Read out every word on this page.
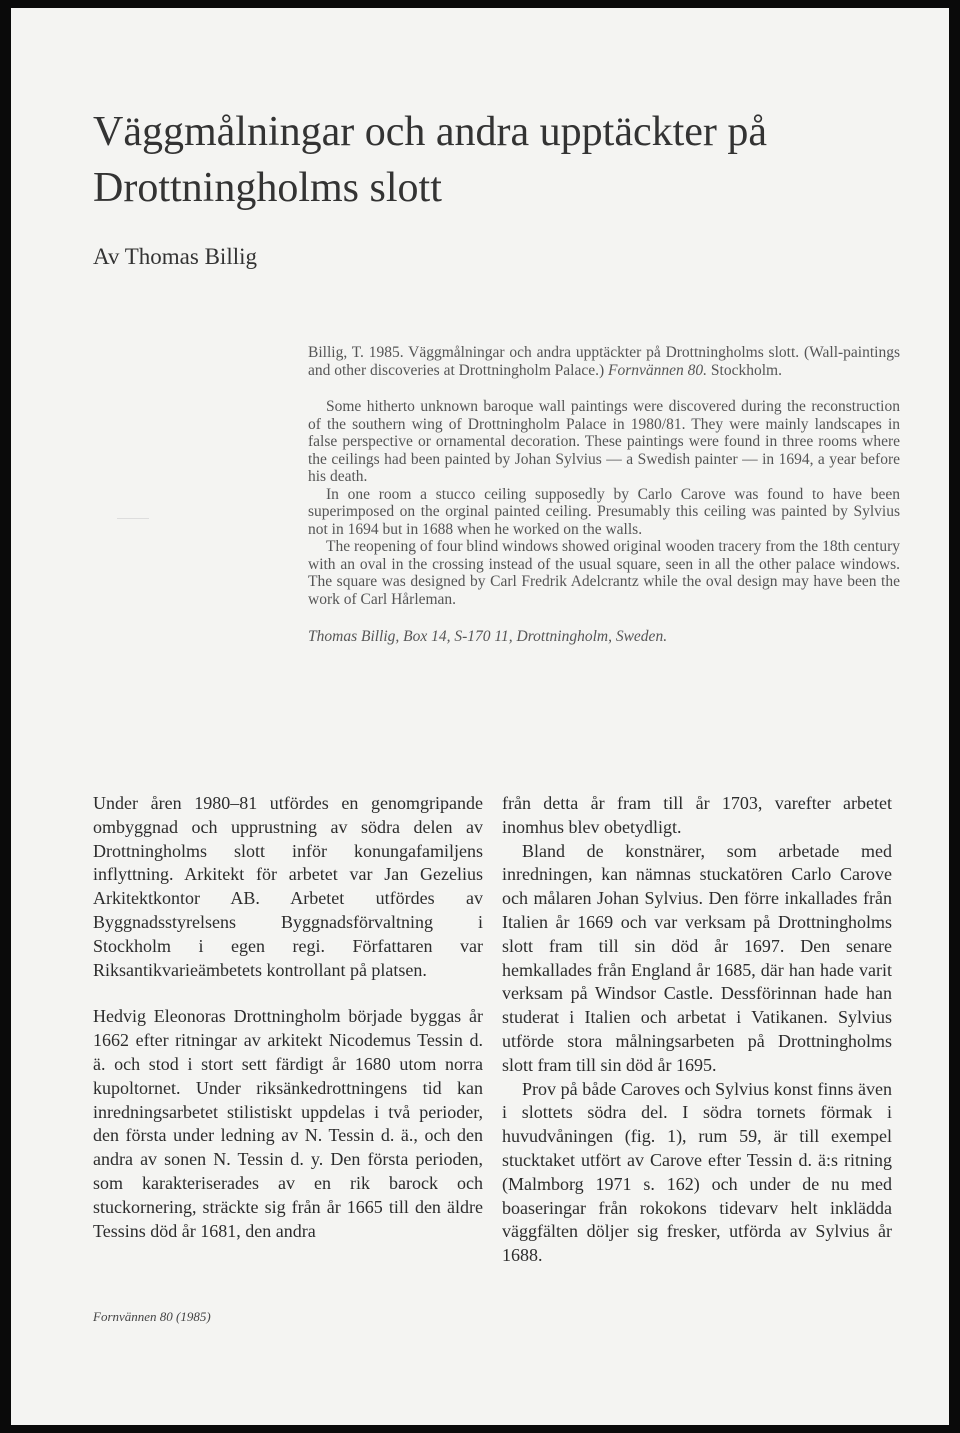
Väggmålningar och andra upptäckter på Drottningholms slott
Av Thomas Billig

Billig, T. 1985. Väggmålningar och andra upptäckter på Drottningholms slott. (Wall-paintings and other discoveries at Drottningholm Palace.) Fornvännen 80. Stockholm.

Some hitherto unknown baroque wall paintings were discovered during the reconstruction of the southern wing of Drottningholm Palace in 1980/81. They were mainly landscapes in false perspective or ornamental decoration. These paintings were found in three rooms where the ceilings had been painted by Johan Sylvius — a Swedish painter — in 1694, a year before his death.

In one room a stucco ceiling supposedly by Carlo Carove was found to have been superimposed on the orginal painted ceiling. Presumably this ceiling was painted by Sylvius not in 1694 but in 1688 when he worked on the walls.

The reopening of four blind windows showed original wooden tracery from the 18th century with an oval in the crossing instead of the usual square, seen in all the other palace windows. The square was designed by Carl Fredrik Adelcrantz while the oval design may have been the work of Carl Hårleman.

Thomas Billig, Box 14, S-170 11, Drottningholm, Sweden.

Under åren 1980–81 utfördes en genomgripande ombyggnad och upprustning av södra delen av Drottningholms slott inför konungafamiljens inflyttning. Arkitekt för arbetet var Jan Gezelius Arkitektkontor AB. Arbetet utfördes av Byggnadsstyrelsens Byggnadsförvaltning i Stockholm i egen regi. Författaren var Riksantikvarieämbetets kontrollant på platsen.

Hedvig Eleonoras Drottningholm började byggas år 1662 efter ritningar av arkitekt Nicodemus Tessin d. ä. och stod i stort sett färdigt år 1680 utom norra kupoltornet. Under riksänkedrottningens tid kan inredningsarbetet stilistiskt uppdelas i två perioder, den första under ledning av N. Tessin d. ä., och den andra av sonen N. Tessin d. y. Den första perioden, som karakteriserades av en rik barock och stuckornering, sträckte sig från år 1665 till den äldre Tessins död år 1681, den andra

från detta år fram till år 1703, varefter arbetet inomhus blev obetydligt.

Bland de konstnärer, som arbetade med inredningen, kan nämnas stuckatören Carlo Carove och målaren Johan Sylvius. Den förre inkallades från Italien år 1669 och var verksam på Drottningholms slott fram till sin död år 1697. Den senare hemkallades från England år 1685, där han hade varit verksam på Windsor Castle. Dessförinnan hade han studerat i Italien och arbetat i Vatikanen. Sylvius utförde stora målningsarbeten på Drottningholms slott fram till sin död år 1695.

Prov på både Caroves och Sylvius konst finns även i slottets södra del. I södra tornets förmak i huvudvåningen (fig. 1), rum 59, är till exempel stucktaket utfört av Carove efter Tessin d. ä:s ritning (Malmborg 1971 s. 162) och under de nu med boaseringar från rokokons tidevarv helt inklädda väggfälten döljer sig fresker, utförda av Sylvius år 1688.

Fornvännen 80 (1985)
